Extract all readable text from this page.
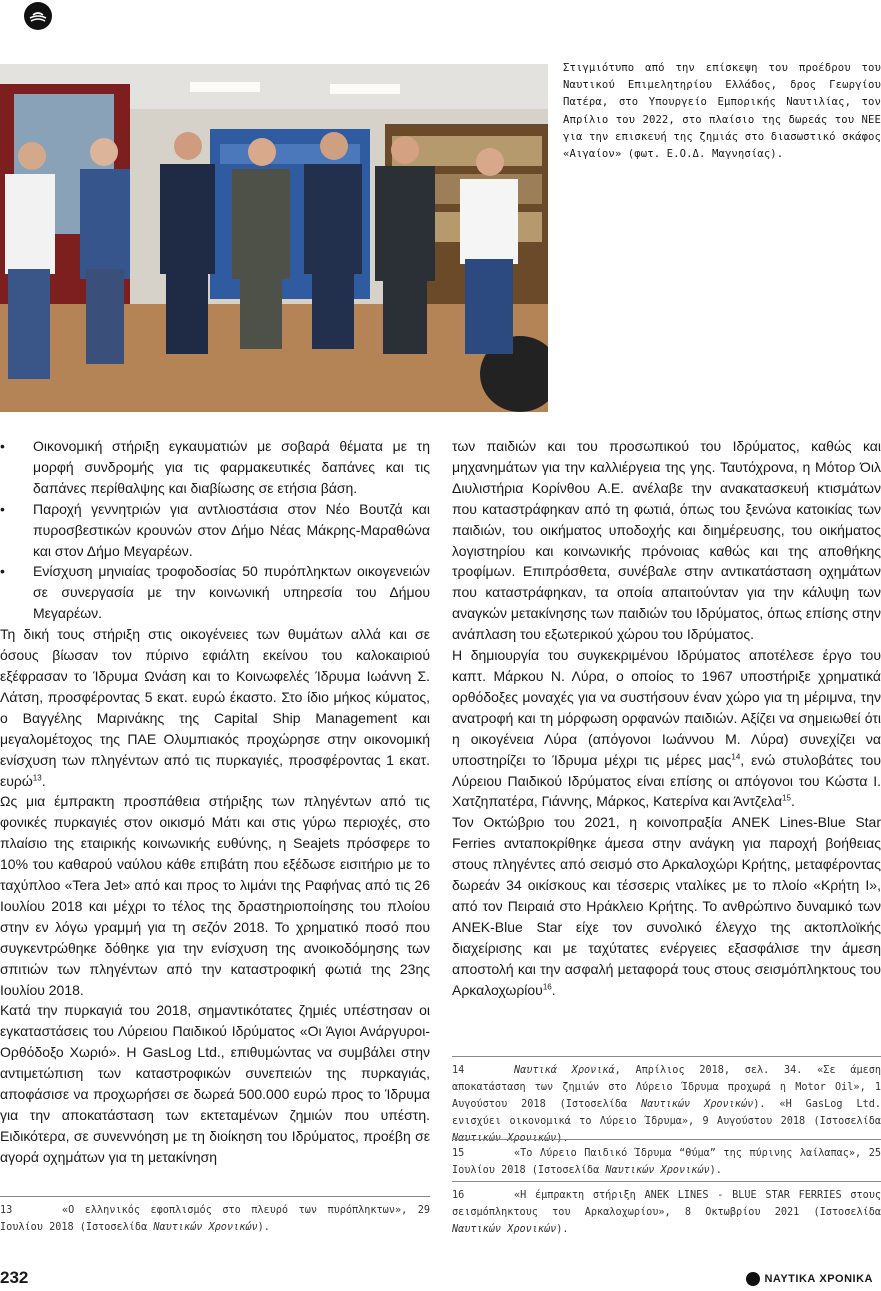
Στιγμιότυπο από την επίσκεψη του προέδρου του Ναυτικού Επιμελητηρίου Ελλάδος, δρος Γεωργίου Πατέρα, στο Υπουργείο Εμπορικής Ναυτιλίας, τον Απρίλιο του 2022, στο πλαίσιο της δωρεάς του ΝΕΕ για την επισκευή της ζημιάς στο διασωστικό σκάφος «Αιγαίον» (φωτ. Ε.Ο.Δ. Μαγνησίας).
• Οικονομική στήριξη εγκαυματιών με σοβαρά θέματα με τη μορφή συνδρομής για τις φαρμακευτικές δαπάνες και τις δαπάνες περίθαλψης και διαβίωσης σε ετήσια βάση.
• Παροχή γεννητριών για αντλιοστάσια στον Νέο Βουτζά και πυροσβεστικών κρουνών στον Δήμο Νέας Μάκρης-Μαραθώνα και στον Δήμο Μεγαρέων.
• Ενίσχυση μηνιαίας τροφοδοσίας 50 πυρόπληκτων οικογενειών σε συνεργασία με την κοινωνική υπηρεσία του Δήμου Μεγαρέων.

Τη δική τους στήριξη στις οικογένειες των θυμάτων αλλά και σε όσους βίωσαν τον πύρινο εφιάλτη εκείνου του καλοκαιριού εξέφρασαν το Ίδρυμα Ωνάση και το Κοινωφελές Ίδρυμα Ιωάννη Σ. Λάτση, προσφέροντας 5 εκατ. ευρώ έκαστο. Στο ίδιο μήκος κύματος, ο Βαγγέλης Μαρινάκης της Capital Ship Management και μεγαλομέτοχος της ΠΑΕ Ολυμπιακός προχώρησε στην οικονομική ενίσχυση των πληγέντων από τις πυρκαγιές, προσφέροντας 1 εκατ. ευρώ$^{13}$.

Ως μια έμπρακτη προσπάθεια στήριξης των πληγέντων από τις φονικές πυρκαγιές στον οικισμό Μάτι και στις γύρω περιοχές, στο πλαίσιο της εταιρικής κοινωνικής ευθύνης, η Seajets πρόσφερε το 10% του καθαρού ναύλου κάθε επιβάτη που εξέδωσε εισιτήριο με το ταχύπλοο «Tera Jet» από και προς το λιμάνι της Ραφήνας από τις 26 Ιουλίου 2018 και μέχρι το τέλος της δραστηριοποίησης του πλοίου στην εν λόγω γραμμή για τη σεζόν 2018. Το χρηματικό ποσό που συγκεντρώθηκε δόθηκε για την ενίσχυση της ανοικοδόμησης των σπιτιών των πληγέντων από την καταστροφική φωτιά της 23ης Ιουλίου 2018.

Κατά την πυρκαγιά του 2018, σημαντικότατες ζημιές υπέστησαν οι εγκαταστάσεις του Λύρειου Παιδικού Ιδρύματος «Οι Άγιοι Ανάργυροι-Ορθόδοξο Χωριό». Η GasLog Ltd., επιθυμώντας να συμβάλει στην αντιμετώπιση των καταστροφικών συνεπειών της πυρκαγιάς, αποφάσισε να προχωρήσει σε δωρεά 500.000 ευρώ προς το Ίδρυμα για την αποκατάσταση των εκτεταμένων ζημιών που υπέστη. Ειδικότερα, σε συνεννόηση με τη διοίκηση του Ιδρύματος, προέβη σε αγορά οχημάτων για τη μετακίνηση

των παιδιών και του προσωπικού του Ιδρύματος, καθώς και μηχανημάτων για την καλλιέργεια της γης. Ταυτόχρονα, η Μότορ Όιλ Διυλιστήρια Κορίνθου Α.Ε. ανέλαβε την ανακατασκευή κτισμάτων που καταστράφηκαν από τη φωτιά, όπως του ξενώνα κατοικίας των παιδιών, του οικήματος υποδοχής και διημέρευσης, του οικήματος λογιστηρίου και κοινωνικής πρόνοιας καθώς και της αποθήκης τροφίμων. Επιπρόσθετα, συνέβαλε στην αντικατάσταση οχημάτων που καταστράφηκαν, τα οποία απαιτούνταν για την κάλυψη των αναγκών μετακίνησης των παιδιών του Ιδρύματος, όπως επίσης στην ανάπλαση του εξωτερικού χώρου του Ιδρύματος.

Η δημιουργία του συγκεκριμένου Ιδρύματος αποτέλεσε έργο του καπτ. Μάρκου Ν. Λύρα, ο οποίος το 1967 υποστήριξε χρηματικά ορθόδοξες μοναχές για να συστήσουν έναν χώρο για τη μέριμνα, την ανατροφή και τη μόρφωση ορφανών παιδιών. Αξίζει να σημειωθεί ότι η οικογένεια Λύρα (απόγονοι Ιωάννου Μ. Λύρα) συνεχίζει να υποστηρίζει το Ίδρυμα μέχρι τις μέρες μας$^{14}$, ενώ στυλοβάτες του Λύρειου Παιδικού Ιδρύματος είναι επίσης οι απόγονοι του Κώστα Ι. Χατζηπατέρα, Γιάννης, Μάρκος, Κατερίνα και Άντζελα$^{15}$.

Τον Οκτώβριο του 2021, η κοινοπραξία ANEK Lines-Blue Star Ferries ανταποκρίθηκε άμεσα στην ανάγκη για παροχή βοήθειας στους πληγέντες από σεισμό στο Αρκαλοχώρι Κρήτης, μεταφέροντας δωρεάν 34 οικίσκους και τέσσερις νταλίκες με το πλοίο «Κρήτη Ι», από τον Πειραιά στο Ηράκλειο Κρήτης. Το ανθρώπινο δυναμικό των ANEK-Blue Star είχε τον συνολικό έλεγχο της ακτοπλοϊκής διαχείρισης και με ταχύτατες ενέργειες εξασφάλισε την άμεση αποστολή και την ασφαλή μεταφορά τους στους σεισμόπληκτους του Αρκαλοχωρίου$^{16}$.

14	Ναυτικά Χρονικά, Απρίλιος 2018, σελ. 34. «Σε άμεση αποκατάσταση των ζημιών στο Λύρειο Ίδρυμα προχωρά η Motor Oil», 1 Αυγούστου 2018 (Ιστοσελίδα Ναυτικών Χρονικών). «Η GasLog Ltd. ενισχύει οικονομικά το Λύρειο Ίδρυμα», 9 Αυγούστου 2018 (Ιστοσελίδα Ναυτικών Χρονικών).
15	«Το Λύρειο Παιδικό Ίδρυμα “θύμα” της πύρινης λαίλαπας», 25 Ιουλίου 2018 (Ιστοσελίδα Ναυτικών Χρονικών).
16	«Η έμπρακτη στήριξη ANEK LINES - BLUE STAR FERRIES στους σεισμόπληκτους του Αρκαλοχωρίου», 8 Οκτωβρίου 2021 (Ιστοσελίδα Ναυτικών Χρονικών).
13	«Ο ελληνικός εφοπλισμός στο πλευρό των πυρόπληκτων», 29 Ιουλίου 2018 (Ιστοσελίδα Ναυτικών Χρονικών).
232	ΝΑΥΤΙΚΑ ΧΡΟΝΙΚΑ
